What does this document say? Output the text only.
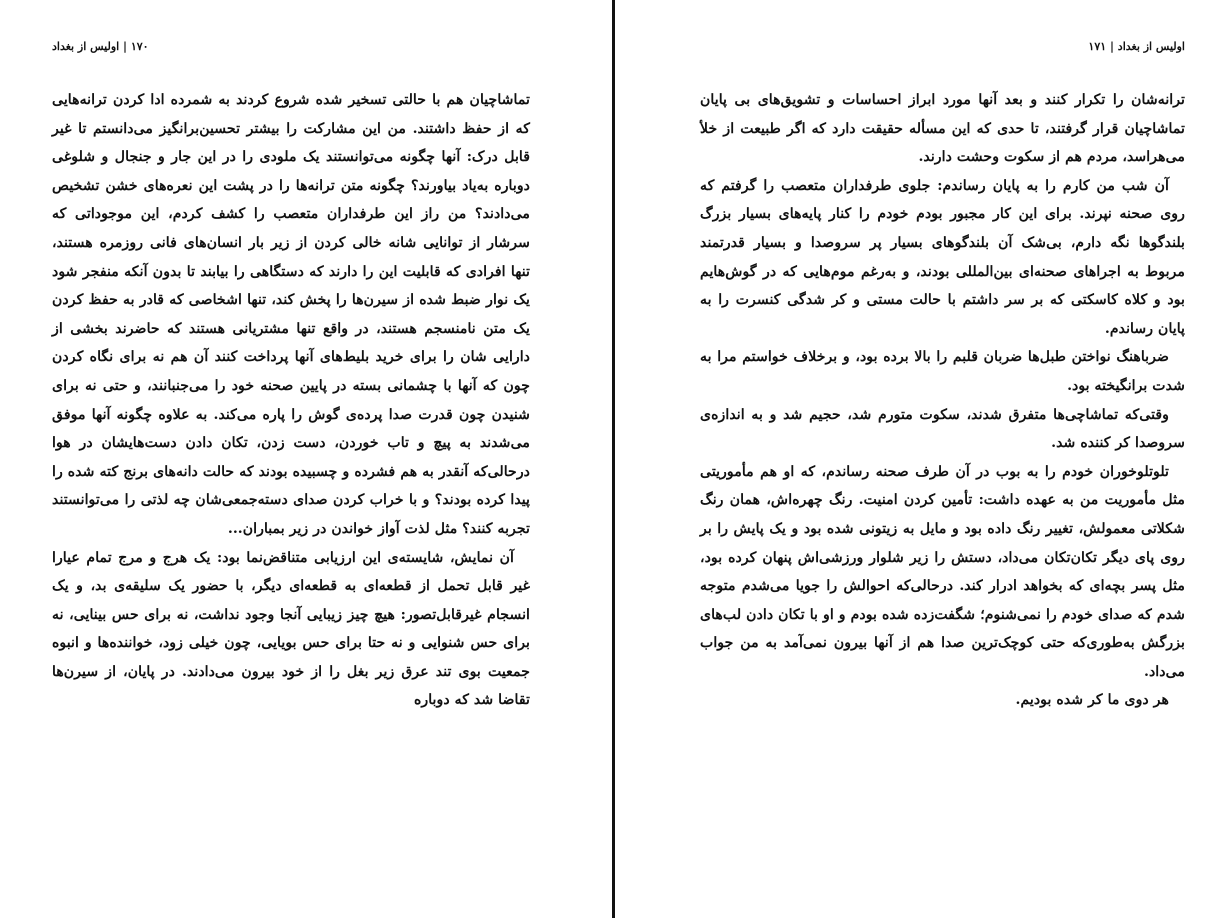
۱۷۰ | اولیس از بغداد

تماشاچیان هم با حالتی تسخیر شده شروع کردند به شمرده ادا کردن ترانه‌هایی که از حفظ داشتند. من این مشارکت را بیشتر تحسین‌برانگیز می‌دانستم تا غیر قابل درک: آنها چگونه می‌توانستند یک ملودی را در این جار و جنجال و شلوغی دوباره به‌یاد بیاورند؟ چگونه متن ترانه‌ها را در پشت این نعره‌های خشن تشخیص می‌دادند؟ من راز این طرفداران متعصب را کشف کردم، این موجوداتی که سرشار از توانایی شانه خالی کردن از زیر بار انسان‌های فانی روزمره هستند، تنها افرادی که قابلیت این را دارند که دستگاهی را بیابند تا بدون آنکه منفجر شود یک نوار ضبط شده از سیرن‌ها را پخش کند، تنها اشخاصی که قادر به حفظ کردن یک متن نامنسجم هستند، در واقع تنها مشتریانی هستند که حاضرند بخشی از دارایی شان را برای خرید بلیط‌های آنها پرداخت کنند آن هم نه برای نگاه کردن چون که آنها با چشمانی بسته در پایین صحنه خود را می‌جنبانند، و حتی نه برای شنیدن چون قدرت صدا پرده‌ی گوش را پاره می‌کند. به علاوه چگونه آنها موفق می‌شدند به پیچ و تاب خوردن، دست زدن، تکان دادن دست‌هایشان در هوا درحالی‌که آنقدر به هم فشرده و چسبیده بودند که حالت دانه‌های برنج کته شده را پیدا کرده بودند؟ و با خراب کردن صدای دسته‌جمعی‌شان چه لذتی را می‌توانستند تجربه کنند؟ مثل لذت آواز خواندن در زیر بمباران...

آن نمایش، شایسته‌ی این ارزیابی متناقض‌نما بود: یک هرج و مرج تمام عیارا غیر قابل تحمل از قطعه‌ای به قطعه‌ای دیگر، با حضور یک سلیقه‌ی بد، و یک انسجام غیرقابل‌تصور: هیچ چیز زیبایی آنجا وجود نداشت، نه برای حس بینایی، نه برای حس شنوایی و نه حتا برای حس بویایی، چون خیلی زود، خواننده‌ها و انبوه جمعیت بوی تند عرق زیر بغل را از خود بیرون می‌دادند. در پایان، از سیرن‌ها تقاضا شد که دوباره

اولیس از بغداد | ۱۷۱

ترانه‌شان را تکرار کنند و بعد آنها مورد ابراز احساسات و تشویق‌های بی پایان تماشاچیان قرار گرفتند، تا حدی که این مسأله حقیقت دارد که اگر طبیعت از خلأ می‌هراسد، مردم هم از سکوت وحشت دارند.

آن شب من کارم را به پایان رساندم: جلوی طرفداران متعصب را گرفتم که روی صحنه نپرند. برای این کار مجبور بودم خودم را کنار پایه‌های بسیار بزرگ بلندگوها نگه دارم، بی‌شک آن بلندگوهای بسیار پر سروصدا و بسیار قدرتمند مربوط به اجراهای صحنه‌ای بین‌المللی بودند، و به‌رغم موم‌هایی که در گوش‌هایم بود و کلاه کاسکتی که بر سر داشتم با حالت مستی و کر شدگی کنسرت را به پایان رساندم.

ضرباهنگ نواختن طبل‌ها ضربان قلبم را بالا برده بود، و برخلاف خواستم مرا به شدت برانگیخته بود.

وقتی‌که تماشاچی‌ها متفرق شدند، سکوت متورم شد، حجیم شد و به اندازه‌ی سروصدا کر کننده شد.

تلوتلوخوران خودم را به بوب در آن طرف صحنه رساندم، که او هم مأموریتی مثل مأموریت من به عهده داشت: تأمین کردن امنیت. رنگ چهره‌اش، همان رنگ شکلاتی معمولش، تغییر رنگ داده بود و مایل به زیتونی شده بود و یک پایش را بر روی پای دیگر تکان‌تکان می‌داد، دستش را زیر شلوار ورزشی‌اش پنهان کرده بود، مثل پسر بچه‌ای که بخواهد ادرار کند. درحالی‌که احوالش را جویا می‌شدم متوجه شدم که صدای خودم را نمی‌شنوم؛ شگفت‌زده شده بودم و او با تکان دادن لب‌های بزرگش به‌طوری‌که حتی کوچک‌ترین صدا هم از آنها بیرون نمی‌آمد به من جواب می‌داد.

هر دوی ما کر شده بودیم.
